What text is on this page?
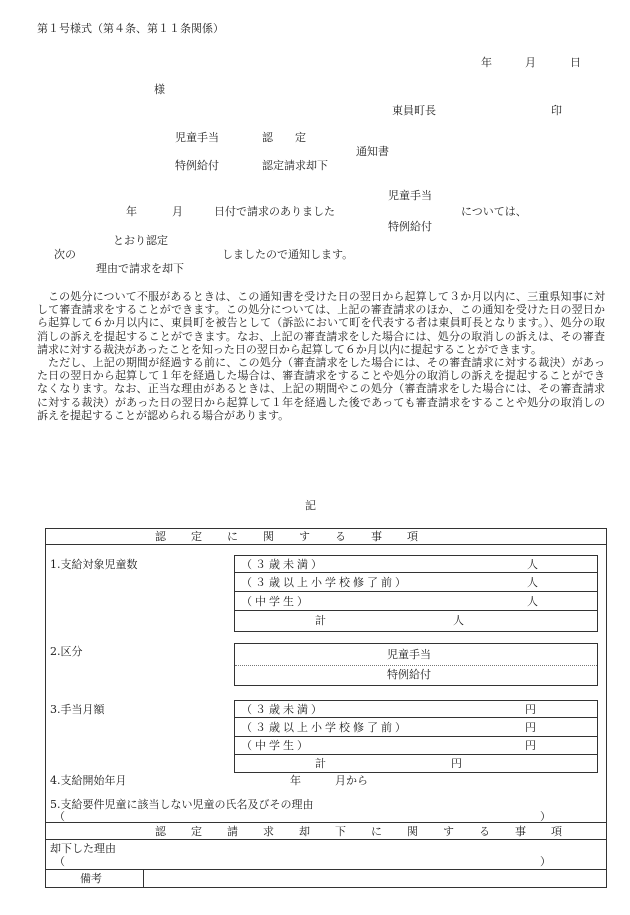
第１号様式（第４条、第１１条関係）
年	月	日
様
東員町長	印
児童手当	認　　定
通知書
特例給付	認定請求却下
児童手当
年	月	日付で請求のありました	については、
特例給付
とおり認定
次の	しましたので通知します。
理由で請求を却下

この処分について不服があるときは、この通知書を受けた日の翌日から起算して３か月以内に、三重県知事に対して審査請求をすることができます。この処分については、上記の審査請求のほか、この通知を受けた日の翌日から起算して６か月以内に、東員町を被告として（訴訟において町を代表する者は東員町長となります。）、処分の取消しの訴えを提起することができます。なお、上記の審査請求をした場合には、処分の取消しの訴えは、その審査請求に対する裁決があったことを知った日の翌日から起算して６か月以内に提起することができます。

ただし、上記の期間が経過する前に、この処分（審査請求をした場合には、その審査請求に対する裁決）があった日の翌日から起算して１年を経過した場合は、審査請求をすることや処分の取消しの訴えを提起することができなくなります。なお、正当な理由があるときは、上記の期間やこの処分（審査請求をした場合には、その審査請求に対する裁決）があった日の翌日から起算して１年を経過した後であっても審査請求をすることや処分の取消しの訴えを提起することが認められる場合があります。

記
認　定　に　関　す　る　事　項
1.支給対象児童数	（３歳未満）	人
（３歳以上小学校修了前）	人
（中学生）	人
計	人
2.区分	児童手当
特例給付
3.手当月額	（３歳未満）	円
（３歳以上小学校修了前）	円
（中学生）	円
計	円
4.支給開始年月	年	月から
5.支給要件児童に該当しない児童の氏名及びその理由
（	）
認　定　請　求　却　下　に　関　す　る　事　項
却下した理由
（	）
備考
